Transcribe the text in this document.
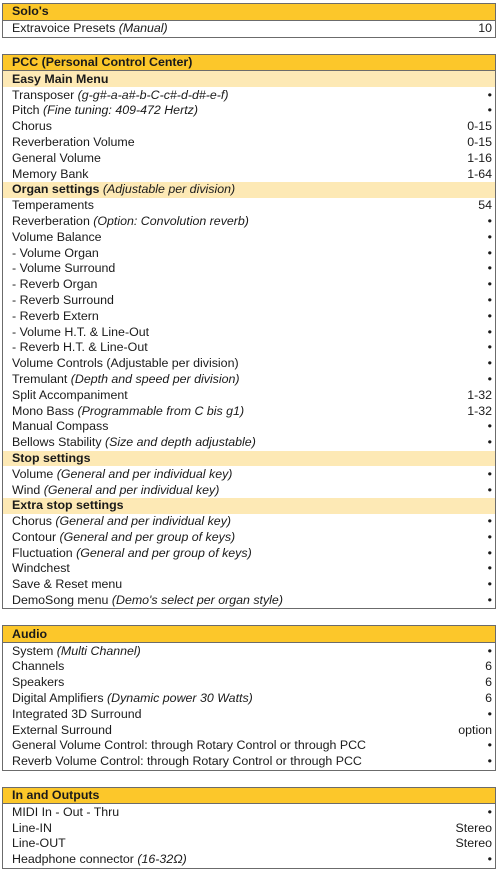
Solo's
Extravoice Presets (Manual)	10
PCC (Personal Control Center)	
Easy Main Menu	
Transposer (g-g#-a-a#-b-C-c#-d-d#-e-f)	•
Pitch (Fine tuning: 409-472 Hertz)	•
Chorus	0-15
Reverberation Volume	0-15
General Volume	1-16
Memory Bank	1-64
Organ settings (Adjustable per division)	
Temperaments	54
Reverberation (Option: Convolution reverb)	•
Volume Balance	•
- Volume Organ	•
- Volume Surround	•
- Reverb Organ	•
- Reverb Surround	•
- Reverb Extern	•
- Volume H.T. & Line-Out	•
- Reverb H.T. & Line-Out	•
Volume Controls (Adjustable per division)	•
Tremulant (Depth and speed per division)	•
Split Accompaniment	1-32
Mono Bass (Programmable from C bis g1)	1-32
Manual Compass	•
Bellows Stability (Size and depth adjustable)	•
Stop settings	
Volume (General and per individual key)	•
Wind (General and per individual key)	•
Extra stop settings	
Chorus (General and per individual key)	•
Contour (General and per group of keys)	•
Fluctuation (General and per group of keys)	•
Windchest	•
Save & Reset menu	•
DemoSong menu (Demo's select per organ style)	•
Audio	
System (Multi Channel)	•
Channels	6
Speakers	6
Digital Amplifiers (Dynamic power 30 Watts)	6
Integrated 3D Surround	•
External Surround	option
General Volume Control: through Rotary Control or through PCC	•
Reverb Volume Control: through Rotary Control or through PCC	•
In and Outputs	
MIDI In - Out - Thru	•
Line-IN	Stereo
Line-OUT	Stereo
Headphone connector (16-32Ω)	•
